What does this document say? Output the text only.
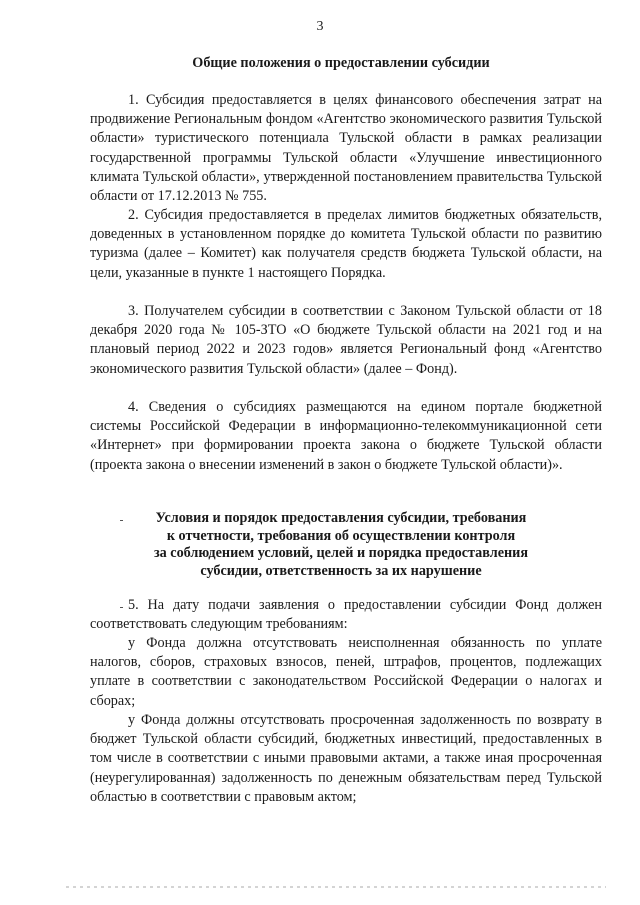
3
Общие положения о предоставлении субсидии

1. Субсидия предоставляется в целях финансового обеспечения затрат на продвижение Региональным фондом «Агентство экономического развития Тульской области» туристического потенциала Тульской области в рамках реализации государственной программы Тульской области «Улучшение инвестиционного климата Тульской области», утвержденной постановлением правительства Тульской области от 17.12.2013 № 755.

2. Субсидия предоставляется в пределах лимитов бюджетных обязательств, доведенных в установленном порядке до комитета Тульской области по развитию туризма (далее – Комитет) как получателя средств бюджета Тульской области, на цели, указанные в пункте 1 настоящего Порядка.

3. Получателем субсидии в соответствии с Законом Тульской области от 18 декабря 2020 года № 105-ЗТО «О бюджете Тульской области на 2021 год и на плановый период 2022 и 2023 годов» является Региональный фонд «Агентство экономического развития Тульской области» (далее – Фонд).

4. Сведения о субсидиях размещаются на едином портале бюджетной системы Российской Федерации в информационно-телекоммуникационной сети «Интернет» при формировании проекта закона о бюджете Тульской области (проекта закона о внесении изменений в закон о бюджете Тульской области)».

Условия и порядок предоставления субсидии, требования
к отчетности, требования об осуществлении контроля
за соблюдением условий, целей и порядка предоставления
субсидии, ответственность за их нарушение

5. На дату подачи заявления о предоставлении субсидии Фонд должен соответствовать следующим требованиям:

у Фонда должна отсутствовать неисполненная обязанность по уплате налогов, сборов, страховых взносов, пеней, штрафов, процентов, подлежащих уплате в соответствии с законодательством Российской Федерации о налогах и сборах;

у Фонда должны отсутствовать просроченная задолженность по возврату в бюджет Тульской области субсидий, бюджетных инвестиций, предоставленных в том числе в соответствии с иными правовыми актами, а также иная просроченная (неурегулированная) задолженность по денежным обязательствам перед Тульской областью в соответствии с правовым актом;
